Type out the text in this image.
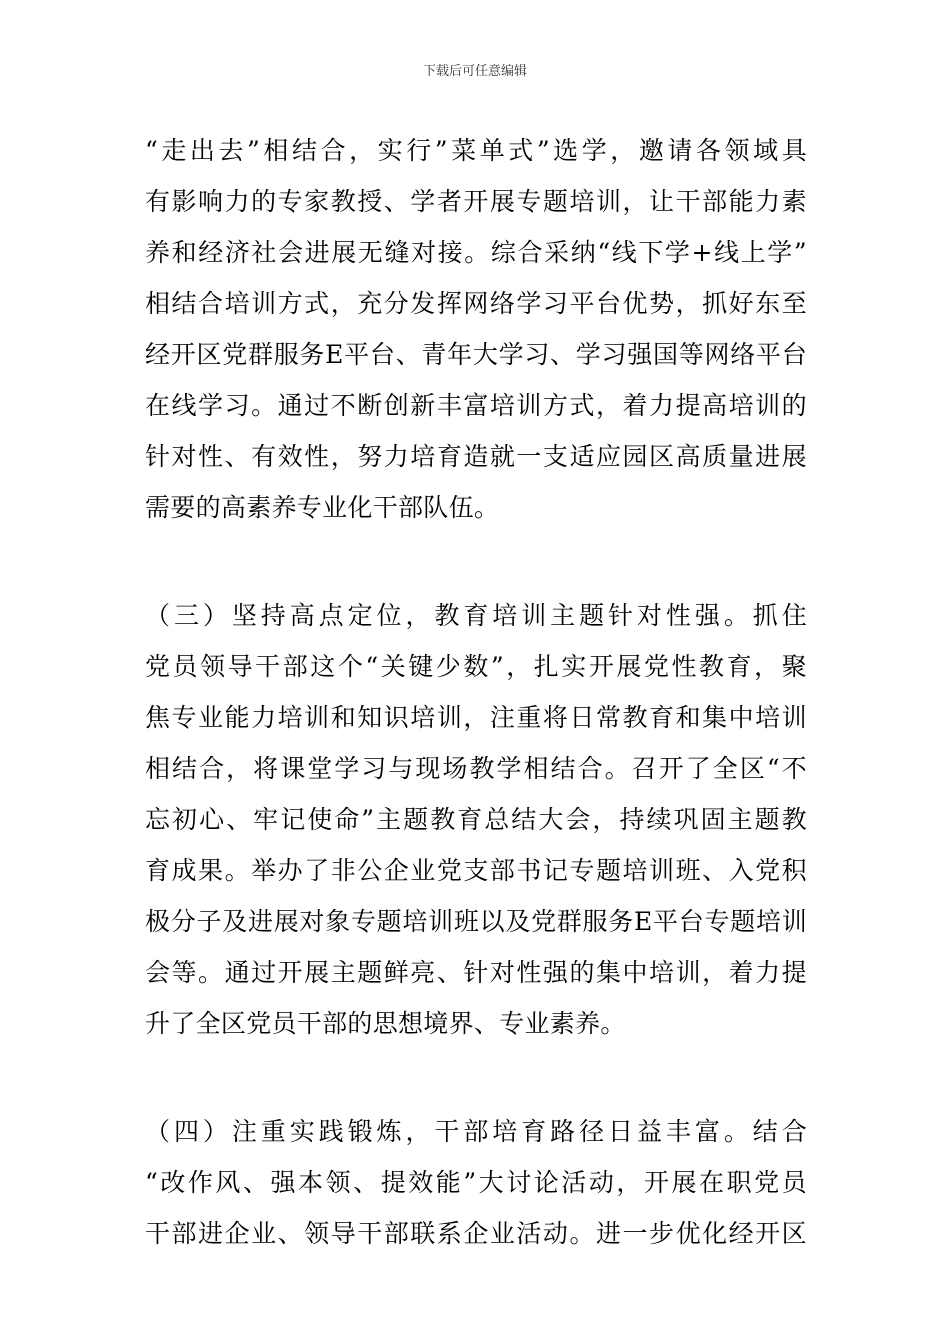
下载后可任意编辑
“走出去”相结合，实行”菜单式”选学，邀请各领域具
有影响力的专家教授、学者开展专题培训，让干部能力素
养和经济社会进展无缝对接。综合采纳“线下学+线上学”
相结合培训方式，充分发挥网络学习平台优势，抓好东至
经开区党群服务E平台、青年大学习、学习强国等网络平台
在线学习。通过不断创新丰富培训方式，着力提高培训的
针对性、有效性，努力培育造就一支适应园区高质量进展
需要的高素养专业化干部队伍。
（三）坚持高点定位，教育培训主题针对性强。抓住
党员领导干部这个“关键少数”，扎实开展党性教育，聚
焦专业能力培训和知识培训，注重将日常教育和集中培训
相结合，将课堂学习与现场教学相结合。召开了全区“不
忘初心、牢记使命”主题教育总结大会，持续巩固主题教
育成果。举办了非公企业党支部书记专题培训班、入党积
极分子及进展对象专题培训班以及党群服务E平台专题培训
会等。通过开展主题鲜亮、针对性强的集中培训，着力提
升了全区党员干部的思想境界、专业素养。
（四）注重实践锻炼，干部培育路径日益丰富。结合
“改作风、强本领、提效能”大讨论活动，开展在职党员
干部进企业、领导干部联系企业活动。进一步优化经开区
